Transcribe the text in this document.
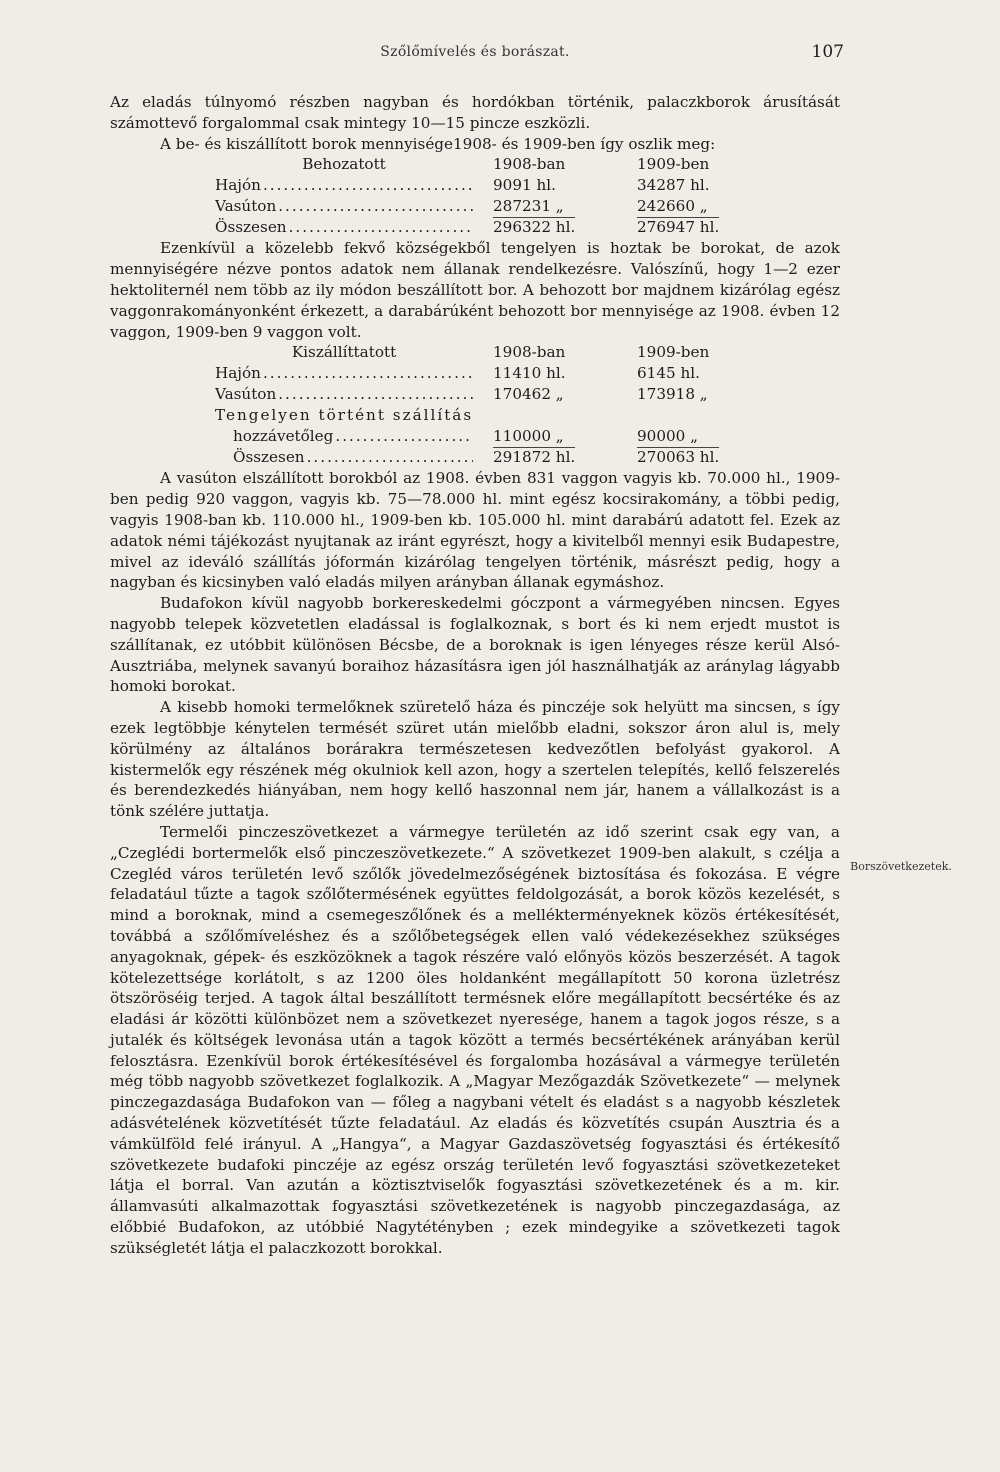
Szőlőmívelés és borászat.	107

Az eladás túlnyomó részben nagyban és hordókban történik, palaczkborok árusítását számottevő forgalommal csak mintegy 10—15 pincze eszközli.

A be- és kiszállított borok mennyisége1908- és 1909-ben így oszlik meg:

Behozatott	1908-ban	1909-ben
Hajón .....	9091 hl.	34287 hl.
Vasúton .....	287231 „	242660 „
Összesen .....	296322 hl.	276947 hl.

Ezenkívül a közelebb fekvő községekből tengelyen is hoztak be borokat, de azok mennyiségére nézve pontos adatok nem állanak rendelkezésre. Valószínű, hogy 1—2 ezer hektoliternél nem több az ily módon beszállított bor. A behozott bor majdnem kizárólag egész vaggonrakományonként érkezett, a darabárúként behozott bor mennyisége az 1908. évben 12 vaggon, 1909-ben 9 vaggon volt.

Kiszállíttatott	1908-ban	1909-ben
Hajón .....	11410 hl.	6145 hl.
Vasúton .....	170462 „	173918 „
Tengelyen történt szállítás
hozzávetőleg .....	110000 „	90000 „
Összesen .....	291872 hl.	270063 hl.

A vasúton elszállított borokból az 1908. évben 831 vaggon vagyis kb. 70.000 hl., 1909-ben pedig 920 vaggon, vagyis kb. 75—78.000 hl. mint egész kocsirakomány, a többi pedig, vagyis 1908-ban kb. 110.000 hl., 1909-ben kb. 105.000 hl. mint darabárú adatott fel. Ezek az adatok némi tájékozást nyujtanak az iránt egyrészt, hogy a kivitelből mennyi esik Budapestre, mivel az ideváló szállítás jóformán kizárólag tengelyen történik, másrészt pedig, hogy a nagyban és kicsinyben való eladás milyen arányban állanak egymáshoz.

Budafokon kívül nagyobb borkereskedelmi góczpont a vármegyében nincsen. Egyes nagyobb telepek közvetetlen eladással is foglalkoznak, s bort és ki nem erjedt mustot is szállítanak, ez utóbbit különösen Bécsbe, de a boroknak is igen lényeges része kerül Alsó-Ausztriába, melynek savanyú boraihoz házasításra igen jól használhatják az aránylag lágyabb homoki borokat.

A kisebb homoki termelőknek szüretelő háza és pinczéje sok helyütt ma sincsen, s így ezek legtöbbje kénytelen termését szüret után mielőbb eladni, sokszor áron alul is, mely körülmény az általános borárakra természetesen kedvezőtlen befolyást gyakorol. A kistermelők egy részének még okulniok kell azon, hogy a szertelen telepítés, kellő felszerelés és berendezkedés hiányában, nem hogy kellő haszonnal nem jár, hanem a vállalkozást is a tönk szélére juttatja.

Termelői pinczeszövetkezet a vármegye területén az idő szerint csak egy van, a „Czeglédi bortermelők első pinczeszövetkezete.“ A szövetkezet 1909-ben alakult, s czélja a Czegléd város területén levő szőlők jövedelmezőségének biztosítása és fokozása. E végre feladatául tűzte a tagok szőlőtermésének együttes feldolgozását, a borok közös kezelését, s mind a boroknak, mind a csemegeszőlőnek és a mellékterményeknek közös értékesítését, továbbá a szőlőmíveléshez és a szőlőbetegségek ellen való védekezésekhez szükséges anyagoknak, gépek- és eszközöknek a tagok részére való előnyös közös beszerzését. A tagok kötelezettsége korlátolt, s az 1200 öles holdanként megállapított 50 korona üzletrész ötszöröséig terjed. A tagok által beszállított termésnek előre megállapított becsértéke és az eladási ár közötti különbözet nem a szövetkezet nyeresége, hanem a tagok jogos része, s a jutalék és költségek levonása után a tagok között a termés becsértékének arányában kerül felosztásra. Ezenkívül borok értékesítésével és forgalomba hozásával a vármegye területén még több nagyobb szövetkezet foglalkozik. A „Magyar Mezőgazdák Szövetkezete“ — melynek pinczegazdasága Budafokon van — főleg a nagybani vételt és eladást s a nagyobb készletek adásvételének közvetítését tűzte feladatául. Az eladás és közvetítés csupán Ausztria és a vámkülföld felé irányul. A „Hangya“, a Magyar Gazdaszövetség fogyasztási és értékesítő szövetkezete budafoki pinczéje az egész ország területén levő fogyasztási szövetkezeteket látja el borral. Van azután a köztisztviselők fogyasztási szövetkezetének és a m. kir. államvasúti alkalmazottak fogyasztási szövetkezetének is nagyobb pinczegazdasága, az előbbié Budafokon, az utóbbié Nagytétényben ; ezek mindegyike a szövetkezeti tagok szükségletét látja el palaczkozott borokkal.

Borszövetkezetek.
